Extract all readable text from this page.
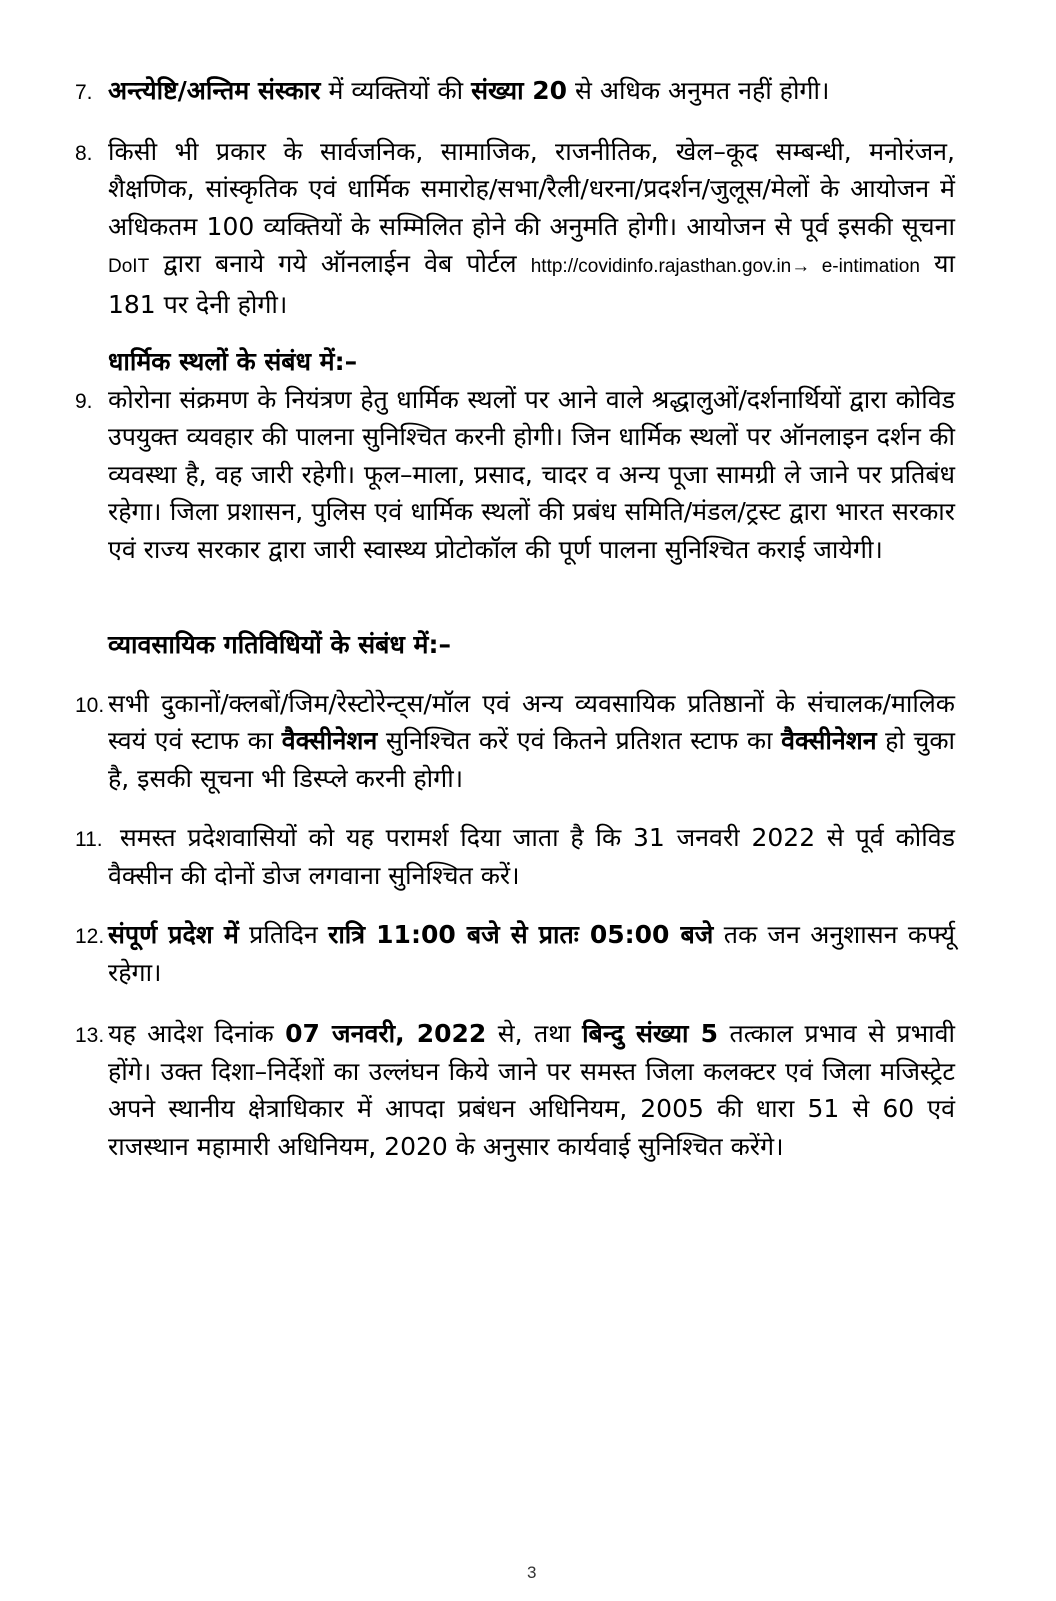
7. अन्त्येष्टि/अन्तिम संस्कार में व्यक्तियों की संख्या 20 से अधिक अनुमत नहीं होगी।
8. किसी भी प्रकार के सार्वजनिक, सामाजिक, राजनीतिक, खेल–कूद सम्बन्धी, मनोरंजन, शैक्षणिक, सांस्कृतिक एवं धार्मिक समारोह/सभा/रैली/धरना/प्रदर्शन/जुलूस/मेलों के आयोजन में अधिकतम 100 व्यक्तियों के सम्मिलित होने की अनुमति होगी। आयोजन से पूर्व इसकी सूचना DoIT द्वारा बनाये गये ऑनलाईन वेब पोर्टल http://covidinfo.rajasthan.gov.in→ e-intimation या 181 पर देनी होगी।
धार्मिक स्थलों के संबंध में:–
9. कोरोना संक्रमण के नियंत्रण हेतु धार्मिक स्थलों पर आने वाले श्रद्धालुओं/दर्शनार्थियों द्वारा कोविड उपयुक्त व्यवहार की पालना सुनिश्चित करनी होगी। जिन धार्मिक स्थलों पर ऑनलाइन दर्शन की व्यवस्था है, वह जारी रहेगी। फूल–माला, प्रसाद, चादर व अन्य पूजा सामग्री ले जाने पर प्रतिबंध रहेगा। जिला प्रशासन, पुलिस एवं धार्मिक स्थलों की प्रबंध समिति/मंडल/ट्रस्ट द्वारा भारत सरकार एवं राज्य सरकार द्वारा जारी स्वास्थ्य प्रोटोकॉल की पूर्ण पालना सुनिश्चित कराई जायेगी।
व्यावसायिक गतिविधियों के संबंध में:–
10. सभी दुकानों/क्लबों/जिम/रेस्टोरेन्ट्स/मॉल एवं अन्य व्यवसायिक प्रतिष्ठानों के संचालक/मालिक स्वयं एवं स्टाफ का वैक्सीनेशन सुनिश्चित करें एवं कितने प्रतिशत स्टाफ का वैक्सीनेशन हो चुका है, इसकी सूचना भी डिस्प्ले करनी होगी।
11. समस्त प्रदेशवासियों को यह परामर्श दिया जाता है कि 31 जनवरी 2022 से पूर्व कोविड वैक्सीन की दोनों डोज लगवाना सुनिश्चित करें।
12. संपूर्ण प्रदेश में प्रतिदिन रात्रि 11:00 बजे से प्रातः 05:00 बजे तक जन अनुशासन कर्फ्यू रहेगा।
13. यह आदेश दिनांक 07 जनवरी, 2022 से, तथा बिन्दु संख्या 5 तत्काल प्रभाव से प्रभावी होंगे। उक्त दिशा–निर्देशों का उल्लंघन किये जाने पर समस्त जिला कलक्टर एवं जिला मजिस्ट्रेट अपने स्थानीय क्षेत्राधिकार में आपदा प्रबंधन अधिनियम, 2005 की धारा 51 से 60 एवं राजस्थान महामारी अधिनियम, 2020 के अनुसार कार्यवाई सुनिश्चित करेंगे।
3
